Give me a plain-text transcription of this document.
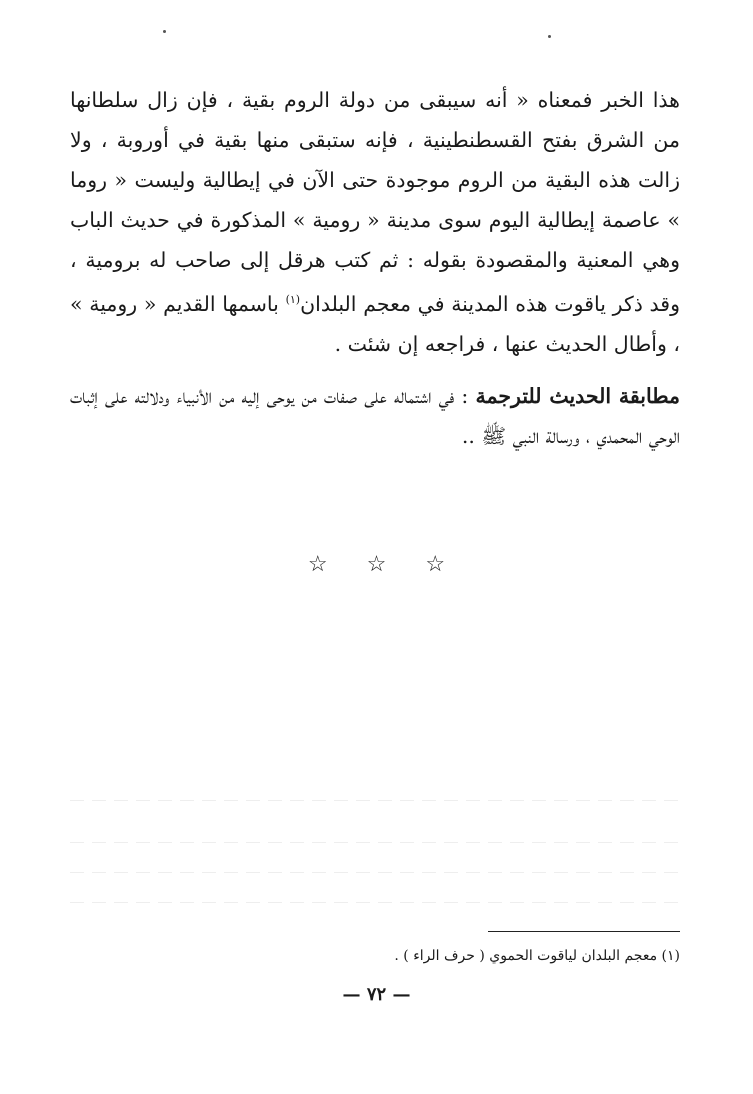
هذا الخبر فمعناه « أنه سيبقى من دولة الروم بقية ، فإن زال سلطانها من الشرق بفتح القسطنطينية ، فإنه ستبقى منها بقية في أوروبة ، ولا زالت هذه البقية من الروم موجودة حتى الآن في إيطالية وليست « روما » عاصمة إيطالية اليوم سوى مدينة « رومية » المذكورة في حديث الباب وهي المعنية والمقصودة بقوله : ثم كتب هرقل إلى صاحب له برومية ، وقد ذكر ياقوت هذه المدينة في معجم البلدان$^{(١)}$ باسمها القديم « رومية » ، وأطال الحديث عنها ، فراجعه إن شئت .

مطابقة الحديث للترجمة : في اشتماله على صفات من يوحى إليه من الأنبياء ودلالته على إثبات الوحي المحمدي ، ورسالة النبي ﷺ ..

☆ ☆ ☆
(١) معجم البلدان لياقوت الحموي ( حرف الراء ) .
— ٧٢ —
